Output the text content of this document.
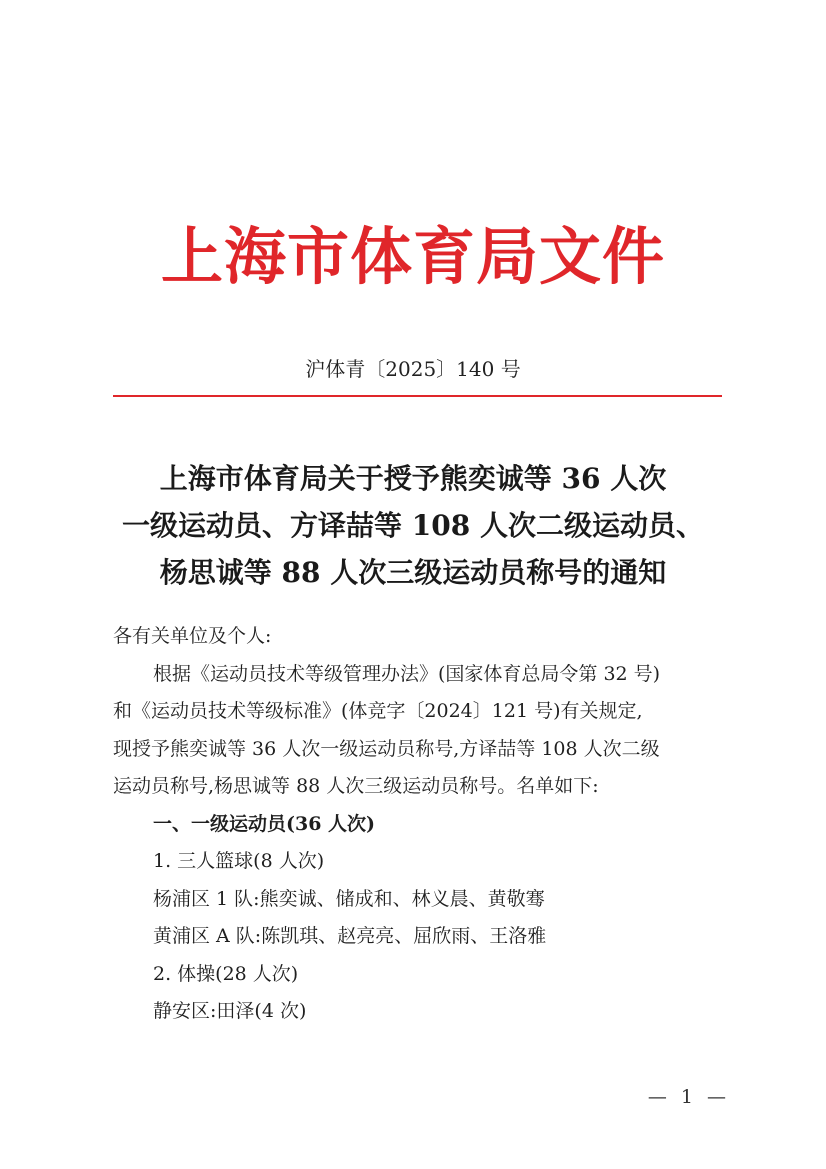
上海市体育局文件
沪体青〔2025〕140 号
上海市体育局关于授予熊奕诚等 36 人次
一级运动员、方译喆等 108 人次二级运动员、
杨思诚等 88 人次三级运动员称号的通知
各有关单位及个人:
根据《运动员技术等级管理办法》(国家体育总局令第 32 号)
和《运动员技术等级标准》(体竞字〔2024〕121 号)有关规定,
现授予熊奕诚等 36 人次一级运动员称号,方译喆等 108 人次二级
运动员称号,杨思诚等 88 人次三级运动员称号。名单如下:
一、一级运动员(36 人次)
1. 三人篮球(8 人次)
杨浦区 1 队:熊奕诚、储成和、林义晨、黄敬骞
黄浦区 A 队:陈凯琪、赵亮亮、屈欣雨、王洛雅
2. 体操(28 人次)
静安区:田泽(4 次)
— 1 —
